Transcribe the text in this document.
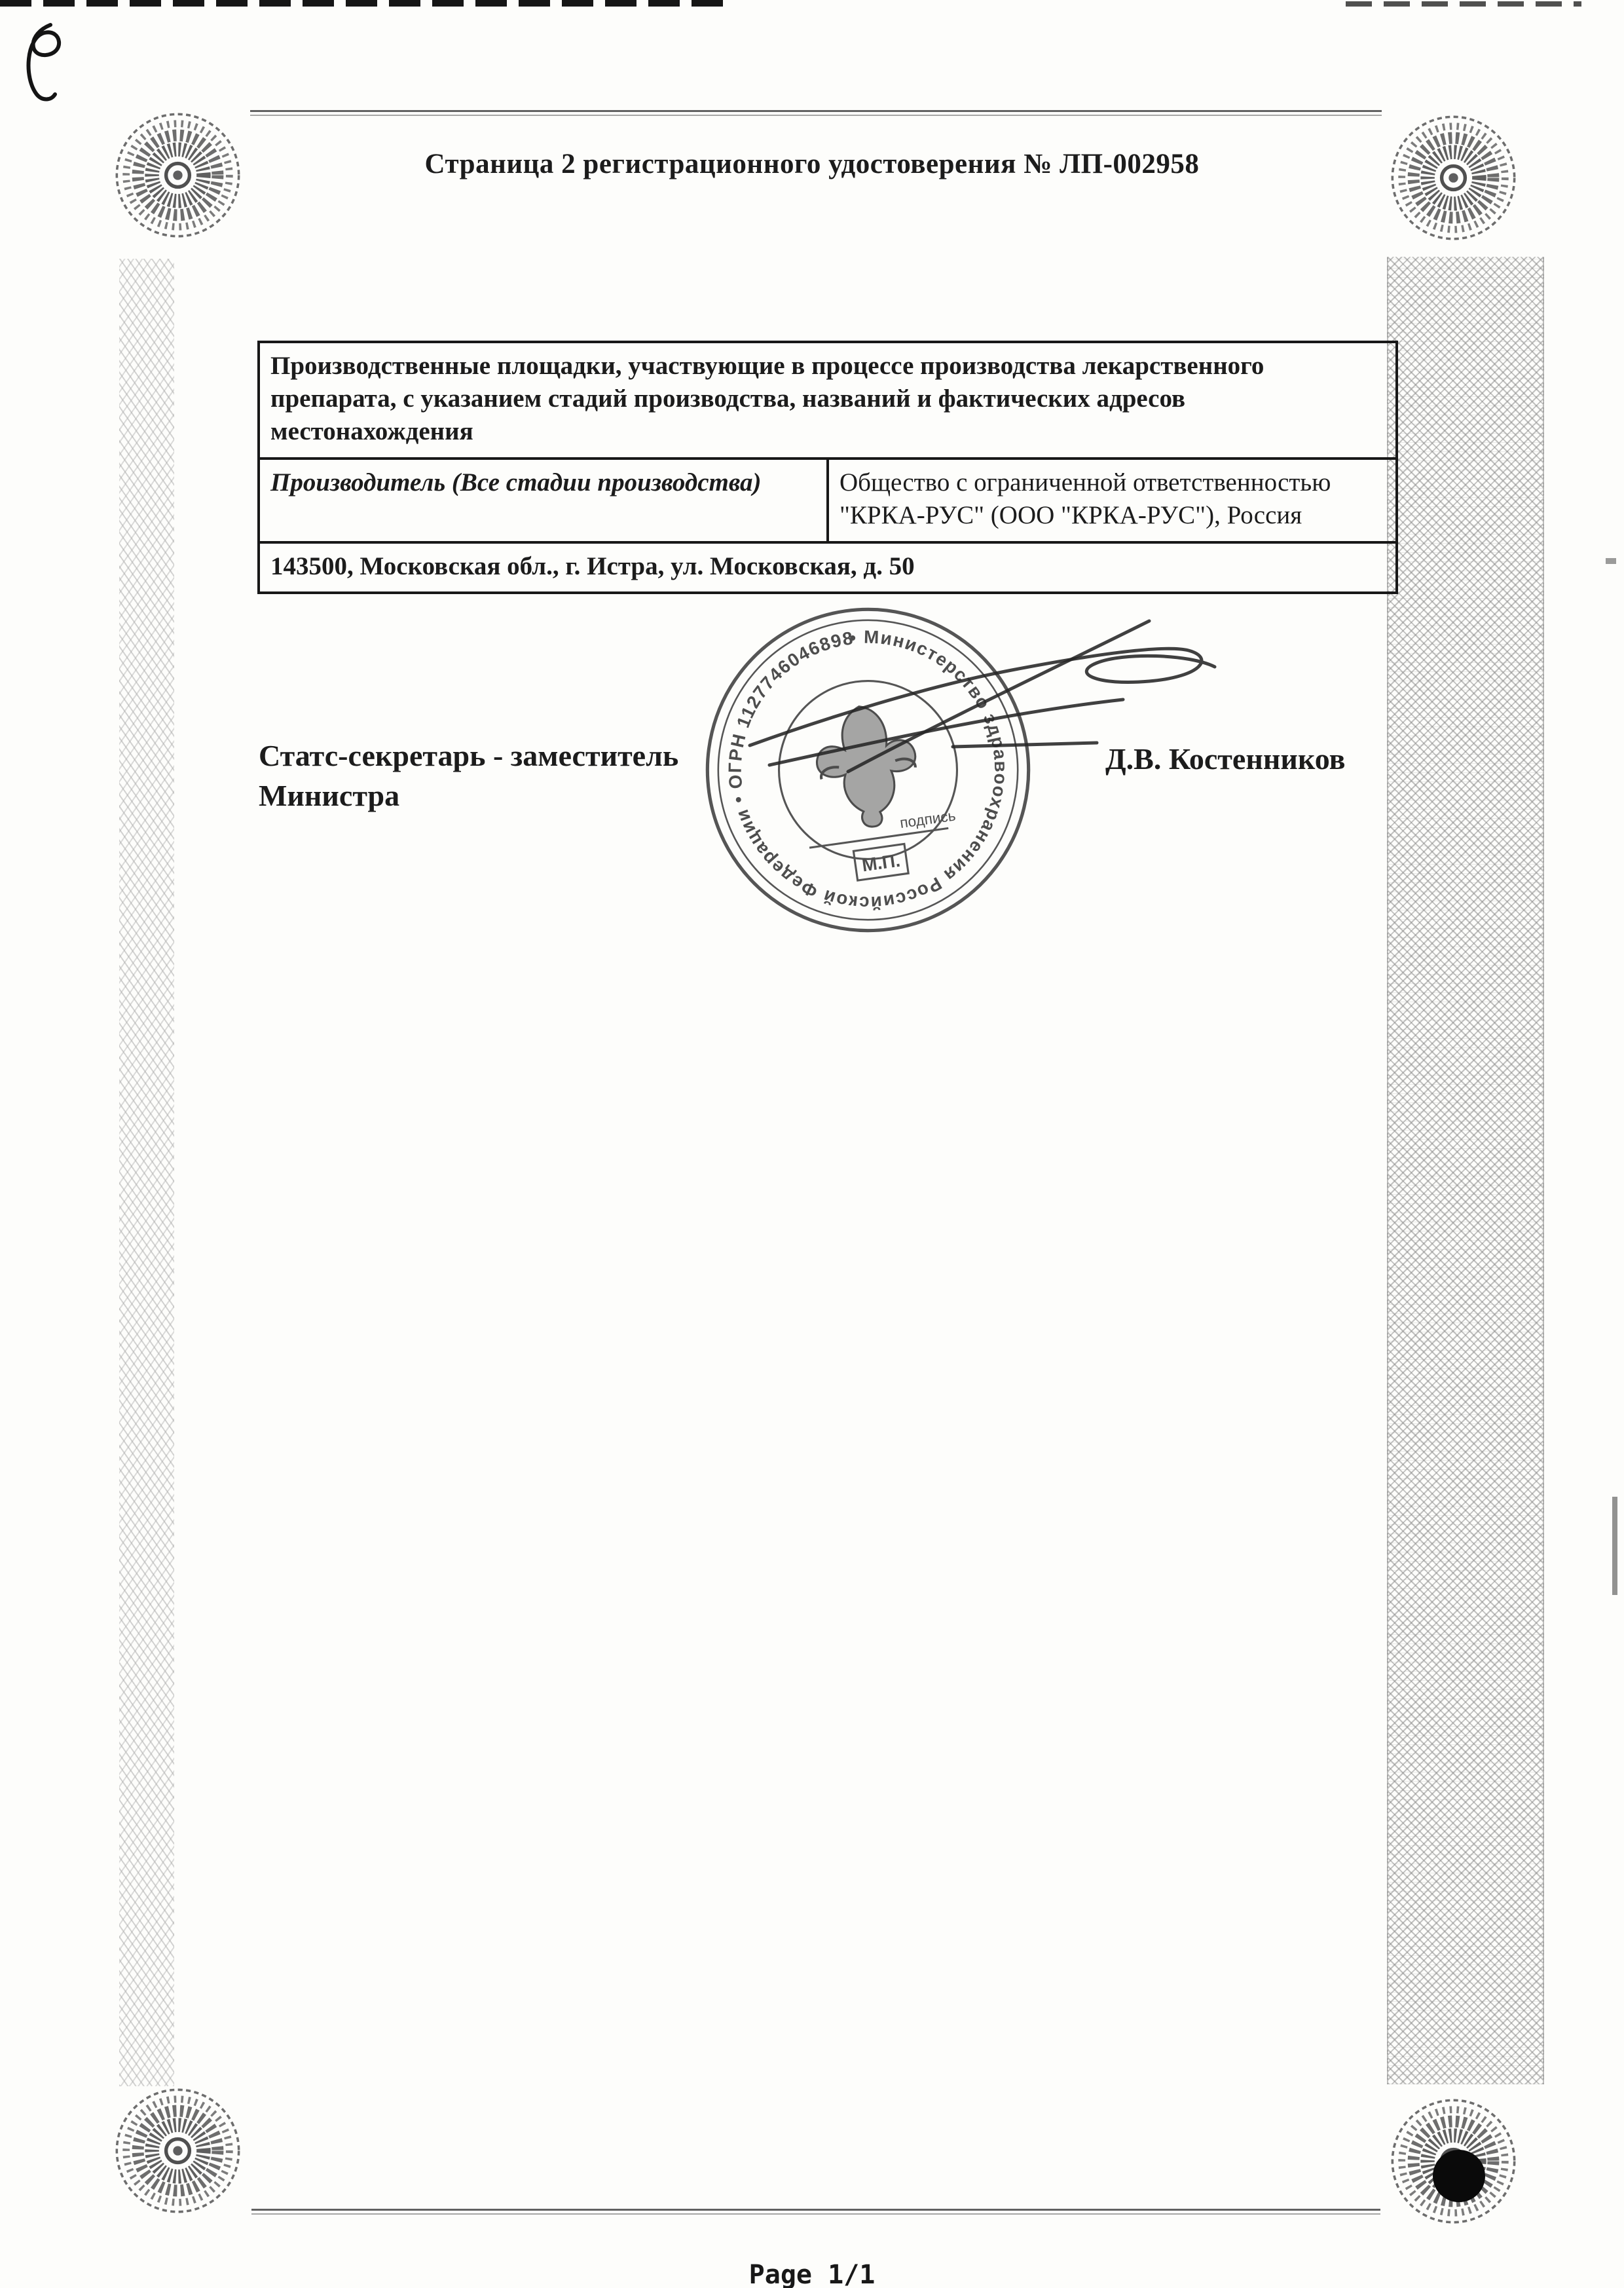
Страница 2 регистрационного удостоверения № ЛП-002958
Производственные площадки, участвующие в процессе производства лекарственного препарата, с указанием стадий производства, названий и фактических адресов местонахождения
Производитель (Все стадии производства)	Общество с ограниченной ответственностью "КРКА-РУС" (ООО "КРКА-РУС"), Россия
143500, Московская обл., г. Истра, ул. Московская, д. 50
Статс-секретарь - заместитель
Министра
Д.В. Костенников
• Министерство здравоохранения Российской Федерации • ОГРН 1127746046898
подпись
М.П.
Page 1/1
